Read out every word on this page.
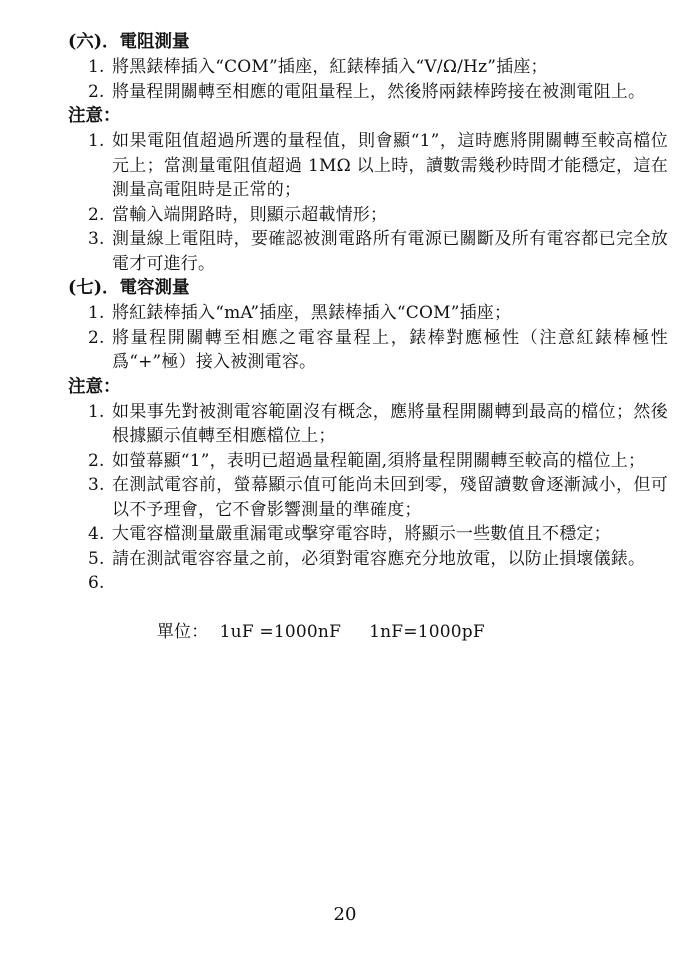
(六)．電阻測量
1. 將黑錶棒插入“COM”插座，紅錶棒插入“V/Ω/Hz”插座；
2. 將量程開關轉至相應的電阻量程上，然後將兩錶棒跨接在被測電阻上。
注意：
1. 如果電阻值超過所選的量程值，則會顯“1”，這時應將開關轉至較高檔位元上；當測量電阻值超過 1MΩ 以上時，讀數需幾秒時間才能穩定，這在測量高電阻時是正常的；
2. 當輸入端開路時，則顯示超載情形；
3. 測量線上電阻時，要確認被測電路所有電源已關斷及所有電容都已完全放電才可進行。
(七)．電容測量
1. 將紅錶棒插入“mA”插座，黑錶棒插入“COM”插座；
2. 將量程開關轉至相應之電容量程上，錶棒對應極性（注意紅錶棒極性爲“+”極）接入被測電容。
注意：
1. 如果事先對被測電容範圍沒有概念，應將量程開關轉到最高的檔位；然後根據顯示值轉至相應檔位上；
2. 如螢幕顯“1”，表明已超過量程範圍,須將量程開關轉至較高的檔位上；
3. 在測試電容前，螢幕顯示值可能尚未回到零，殘留讀數會逐漸減小，但可以不予理會，它不會影響測量的準確度；
4. 大電容檔測量嚴重漏電或擊穿電容時，將顯示一些數值且不穩定；
5. 請在測試電容容量之前，必須對電容應充分地放電，以防止損壞儀錶。

6.

單位：  1uF =1000nF     1nF=1000pF

20
